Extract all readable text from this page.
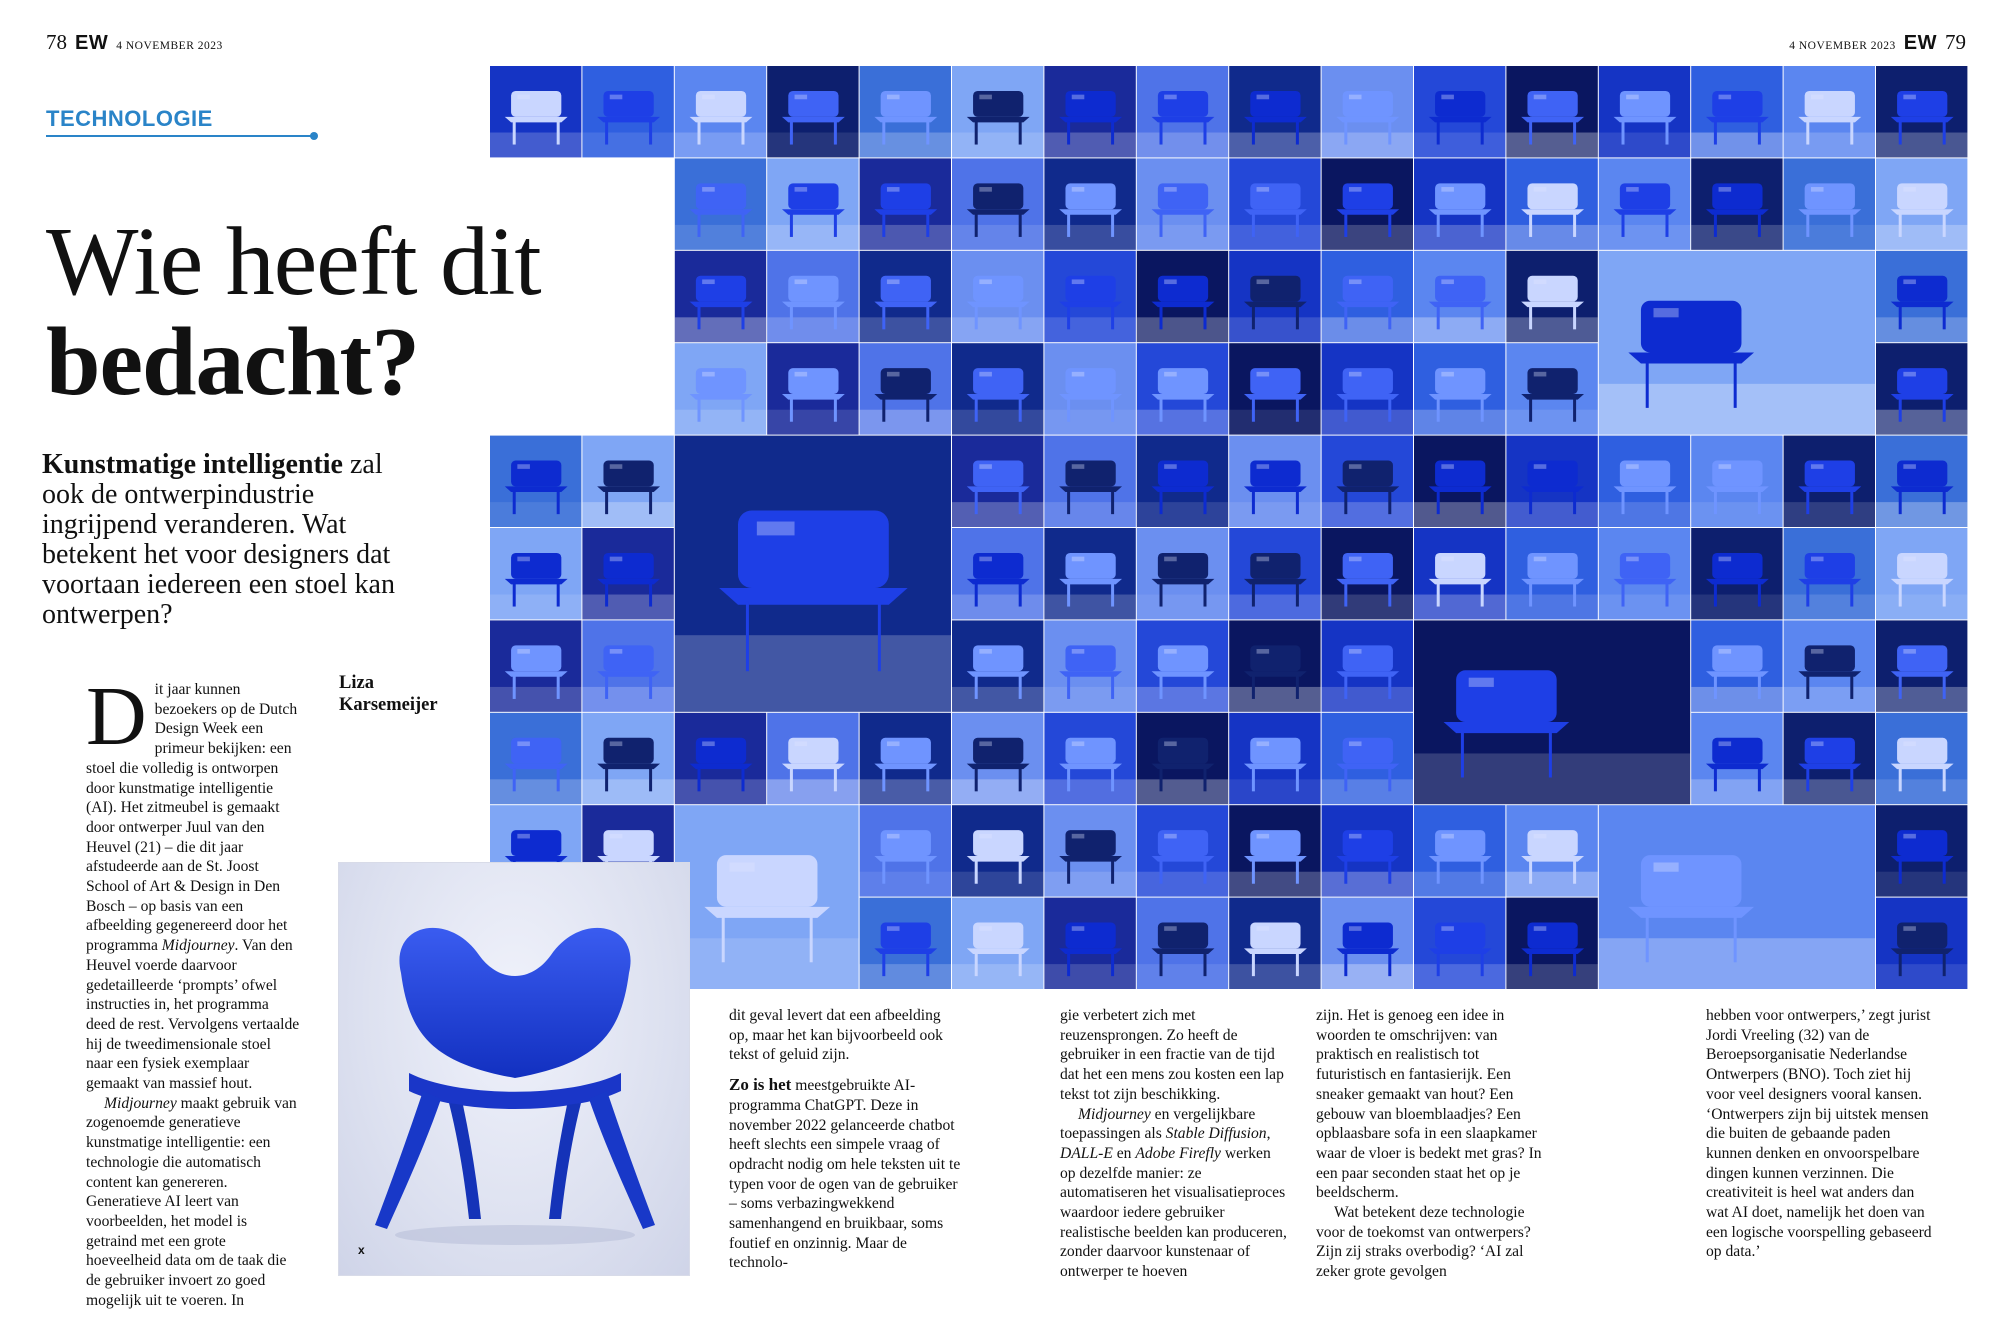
78 EW 4 NOVEMBER 2023	4 NOVEMBER 2023 EW 79
TECHNOLOGIE
Wie heeft dit
bedacht?
Kunstmatige intelligentie zal ook de ontwerpindustrie ingrijpend veranderen. Wat betekent het voor designers dat voortaan iedereen een stoel kan ontwerpen?
Liza
Karsemeijer

Dit jaar kunnen bezoekers op de Dutch Design Week een primeur bekijken: een stoel die volledig is ontworpen door kunstmatige intelligentie (AI). Het zitmeubel is gemaakt door ontwerper Juul van den Heuvel (21) – die dit jaar afstudeerde aan de St. Joost School of Art & Design in Den Bosch – op basis van een afbeelding gegenereerd door het programma Midjourney. Van den Heuvel voerde daarvoor gedetailleerde ‘prompts’ ofwel instructies in, het programma deed de rest. Vervolgens vertaalde hij de tweedimensionale stoel naar een fysiek exemplaar gemaakt van massief hout.

Midjourney maakt gebruik van zogenoemde generatieve kunstmatige intelligentie: een technologie die automatisch content kan genereren. Generatieve AI leert van voorbeelden, het model is getraind met een grote hoeveelheid data om de taak die de gebruiker invoert zo goed mogelijk uit te voeren. In

x

dit geval levert dat een afbeelding op, maar het kan bijvoorbeeld ook tekst of geluid zijn.

Zo is het meestgebruikte AI-programma ChatGPT. Deze in november 2022 gelanceerde chatbot heeft slechts een simpele vraag of opdracht nodig om hele teksten uit te typen voor de ogen van de gebruiker – soms verbazingwekkend samenhangend en bruikbaar, soms foutief en onzinnig. Maar de technolo-

gie verbetert zich met reuzensprongen. Zo heeft de gebruiker in een fractie van de tijd dat het een mens zou kosten een lap tekst tot zijn beschikking.

Midjourney en vergelijkbare toepassingen als Stable Diffusion, DALL-E en Adobe Firefly werken op dezelfde manier: ze automatiseren het visualisatieproces waardoor iedere gebruiker realistische beelden kan produceren, zonder daarvoor kunstenaar of ontwerper te hoeven

zijn. Het is genoeg een idee in woorden te omschrijven: van praktisch en realistisch tot futuristisch en fantasierijk. Een sneaker gemaakt van hout? Een gebouw van bloemblaadjes? Een opblaasbare sofa in een slaapkamer waar de vloer is bedekt met gras? In een paar seconden staat het op je beeldscherm.

Wat betekent deze technologie voor de toekomst van ontwerpers? Zijn zij straks overbodig? ‘AI zal zeker grote gevolgen

hebben voor ontwerpers,’ zegt jurist Jordi Vreeling (32) van de Beroepsorganisatie Nederlandse Ontwerpers (BNO). Toch ziet hij voor veel designers vooral kansen. ‘Ontwerpers zijn bij uitstek mensen die buiten de gebaande paden kunnen denken en onvoorspelbare dingen kunnen verzinnen. Die creativiteit is heel wat anders dan wat AI doet, namelijk het doen van een logische voorspelling gebaseerd op data.’
